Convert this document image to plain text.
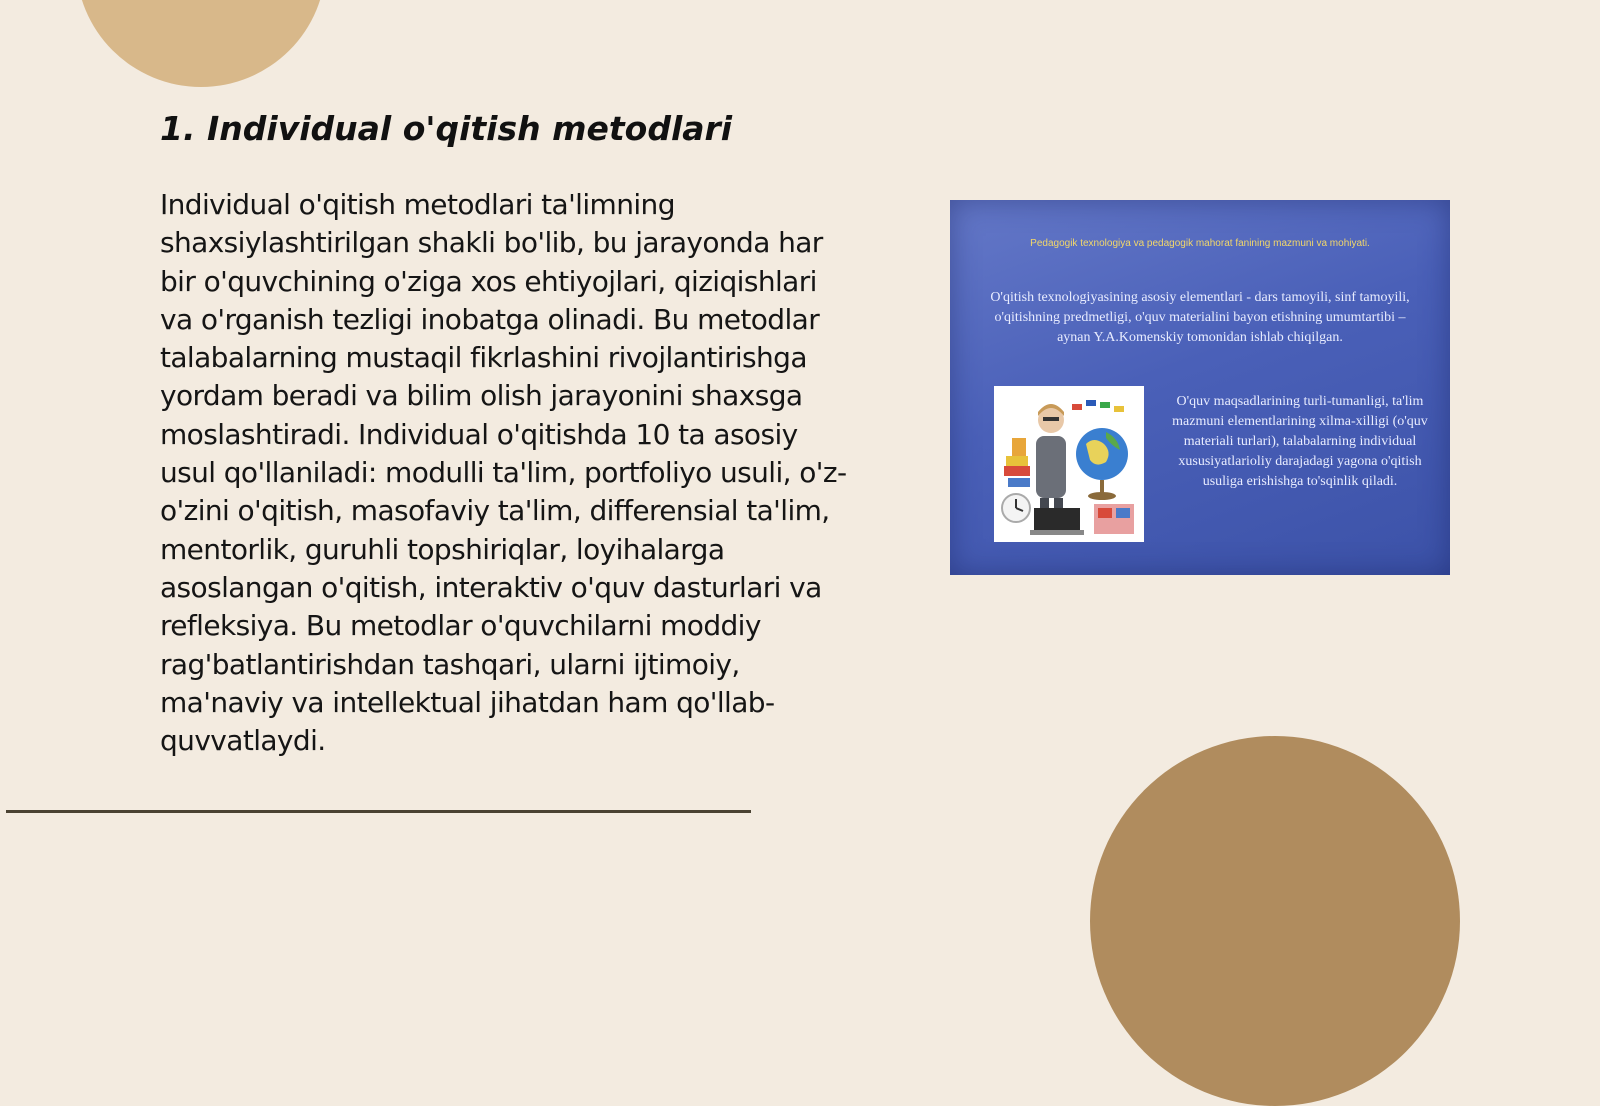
1. Individual o'qitish metodlari

Individual o'qitish metodlari ta'limning shaxsiylashtirilgan shakli bo'lib, bu jarayonda har bir o'quvchining o'ziga xos ehtiyojlari, qiziqishlari va o'rganish tezligi inobatga olinadi. Bu metodlar talabalarning mustaqil fikrlashini rivojlantirishga yordam beradi va bilim olish jarayonini shaxsga moslashtiradi. Individual o'qitishda 10 ta asosiy usul qo'llaniladi: modulli ta'lim, portfoliyo usuli, o'z-o'zini o'qitish, masofaviy ta'lim, differensial ta'lim, mentorlik, guruhli topshiriqlar, loyihalarga asoslangan o'qitish, interaktiv o'quv dasturlari va refleksiya. Bu metodlar o'quvchilarni moddiy rag'batlantirishdan tashqari, ularni ijtimoiy, ma'naviy va intellektual jihatdan ham qo'llab-quvvatlaydi.

Pedagogik texnologiya va pedagogik mahorat fanining mazmuni va mohiyati.

O'qitish texnologiyasining asosiy elementlari - dars tamoyili, sinf tamoyili, o'qitishning predmetligi, o'quv materialini bayon etishning umumtartibi – aynan Y.A.Komenskiy tomonidan ishlab chiqilgan.

O'quv maqsadlarining turli-tumanligi, ta'lim mazmuni elementlarining xilma-xilligi (o'quv materiali turlari), talabalarning individual xususiyatlarioliy darajadagi yagona o'qitish usuliga erishishga to'sqinlik qiladi.
